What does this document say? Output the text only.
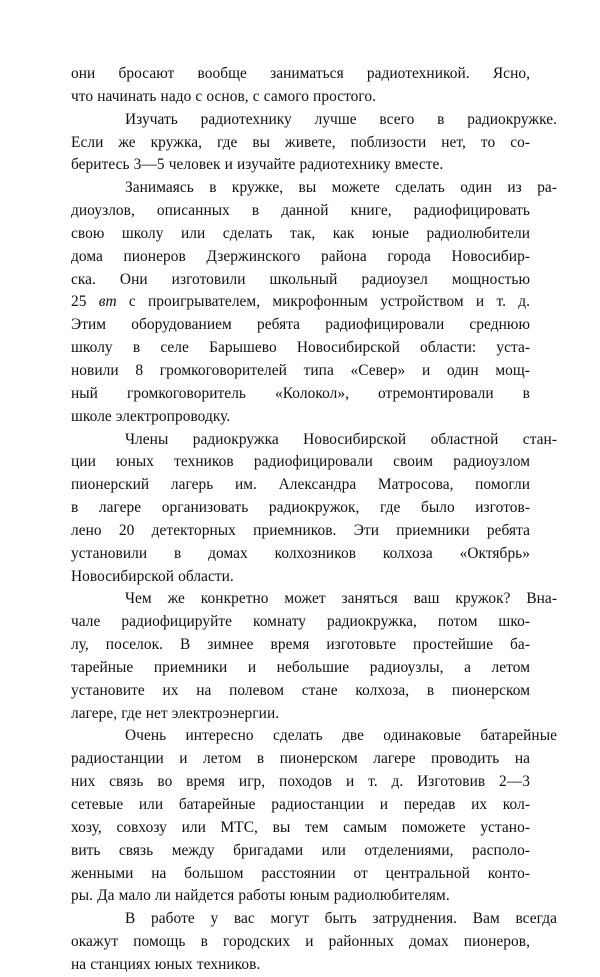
они бросают вообще заниматься радиотехникой. Ясно,
что начинать надо с основ, с самого простого.
Изучать радиотехнику лучше всего в радиокружке.
Если же кружка, где вы живете, поблизости нет, то со-
беритесь 3—5 человек и изучайте радиотехнику вместе.
Занимаясь в кружке, вы можете сделать один из ра-
диоузлов, описанных в данной книге, радиофицировать
свою школу или сделать так, как юные радиолюбители
дома пионеров Дзержинского района города Новосибир-
ска. Они изготовили школьный радиоузел мощностью
25 вт с проигрывателем, микрофонным устройством и т. д.
Этим оборудованием ребята радиофицировали среднюю
школу в селе Барышево Новосибирской области: уста-
новили 8 громкоговорителей типа «Север» и один мощ-
ный громкоговоритель «Колокол», отремонтировали в
школе электропроводку.
Члены радиокружка Новосибирской областной стан-
ции юных техников радиофицировали своим радиоузлом
пионерский лагерь им. Александра Матросова, помогли
в лагере организовать радиокружок, где было изготов-
лено 20 детекторных приемников. Эти приемники ребята
установили в домах колхозников колхоза «Октябрь»
Новосибирской области.
Чем же конкретно может заняться ваш кружок? Вна-
чале радиофицируйте комнату радиокружка, потом шко-
лу, поселок. В зимнее время изготовьте простейшие ба-
тарейные приемники и небольшие радиоузлы, а летом
установите их на полевом стане колхоза, в пионерском
лагере, где нет электроэнергии.
Очень интересно сделать две одинаковые батарейные
радиостанции и летом в пионерском лагере проводить на
них связь во время игр, походов и т. д. Изготовив 2—3
сетевые или батарейные радиостанции и передав их кол-
хозу, совхозу или МТС, вы тем самым поможете устано-
вить связь между бригадами или отделениями, располо-
женными на большом расстоянии от центральной конто-
ры. Да мало ли найдется работы юным радиолюбителям.
В работе у вас могут быть затруднения. Вам всегда
окажут помощь в городских и районных домах пионеров,
на станциях юных техников.
